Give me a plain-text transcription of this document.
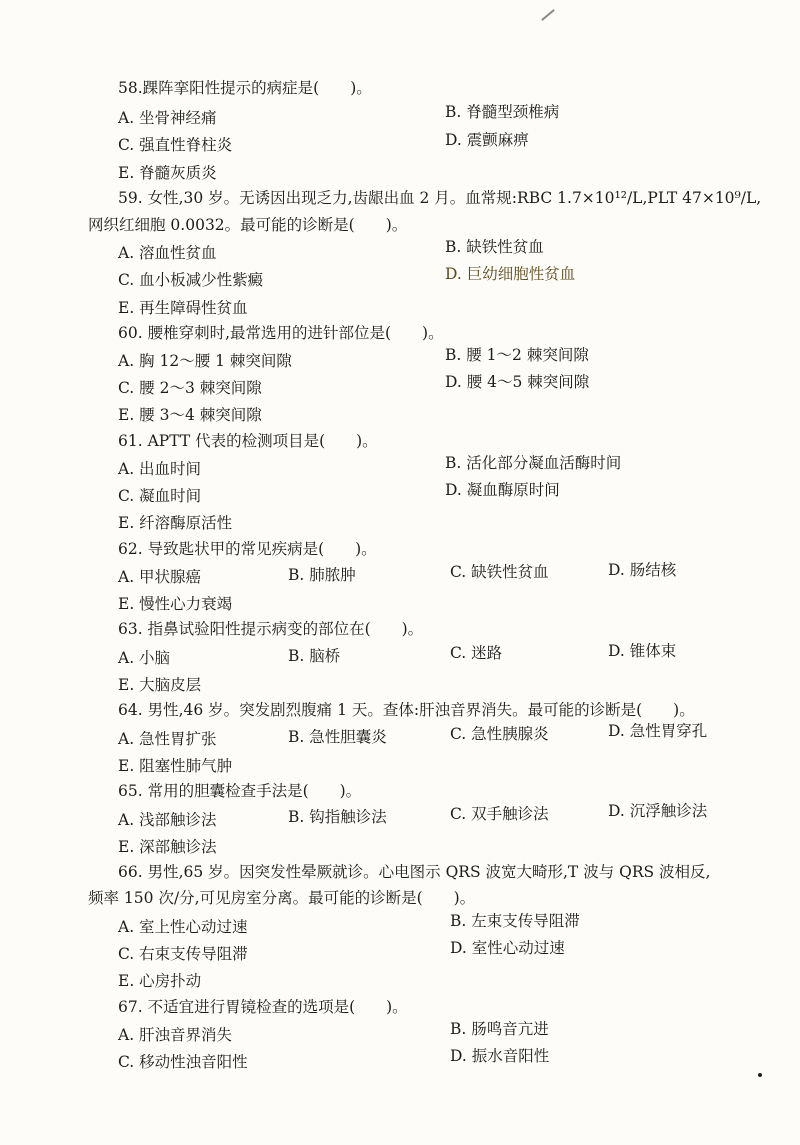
58.踝阵挛阳性提示的病症是(　　)。
A. 坐骨神经痛	B. 脊髓型颈椎病
C. 强直性脊柱炎	D. 震颤麻痹
E. 脊髓灰质炎
59. 女性,30 岁。无诱因出现乏力,齿龈出血 2 月。血常规:RBC 1.7×10¹²/L,PLT 47×10⁹/L,
网织红细胞 0.0032。最可能的诊断是(　　)。
A. 溶血性贫血	B. 缺铁性贫血
C. 血小板减少性紫癜	D. 巨幼细胞性贫血
E. 再生障碍性贫血
60. 腰椎穿刺时,最常选用的进针部位是(　　)。
A. 胸 12～腰 1 棘突间隙	B. 腰 1～2 棘突间隙
C. 腰 2～3 棘突间隙	D. 腰 4～5 棘突间隙
E. 腰 3～4 棘突间隙
61. APTT 代表的检测项目是(　　)。
A. 出血时间	B. 活化部分凝血活酶时间
C. 凝血时间	D. 凝血酶原时间
E. 纤溶酶原活性
62. 导致匙状甲的常见疾病是(　　)。
A. 甲状腺癌	B. 肺脓肿	C. 缺铁性贫血	D. 肠结核
E. 慢性心力衰竭
63. 指鼻试验阳性提示病变的部位在(　　)。
A. 小脑	B. 脑桥	C. 迷路	D. 锥体束
E. 大脑皮层
64. 男性,46 岁。突发剧烈腹痛 1 天。查体:肝浊音界消失。最可能的诊断是(　　)。
A. 急性胃扩张	B. 急性胆囊炎	C. 急性胰腺炎	D. 急性胃穿孔
E. 阻塞性肺气肿
65. 常用的胆囊检查手法是(　　)。
A. 浅部触诊法	B. 钩指触诊法	C. 双手触诊法	D. 沉浮触诊法
E. 深部触诊法
66. 男性,65 岁。因突发性晕厥就诊。心电图示 QRS 波宽大畸形,T 波与 QRS 波相反,
频率 150 次/分,可见房室分离。最可能的诊断是(　　)。
A. 室上性心动过速	B. 左束支传导阻滞
C. 右束支传导阻滞	D. 室性心动过速
E. 心房扑动
67. 不适宜进行胃镜检查的选项是(　　)。
A. 肝浊音界消失	B. 肠鸣音亢进
C. 移动性浊音阳性	D. 振水音阳性
